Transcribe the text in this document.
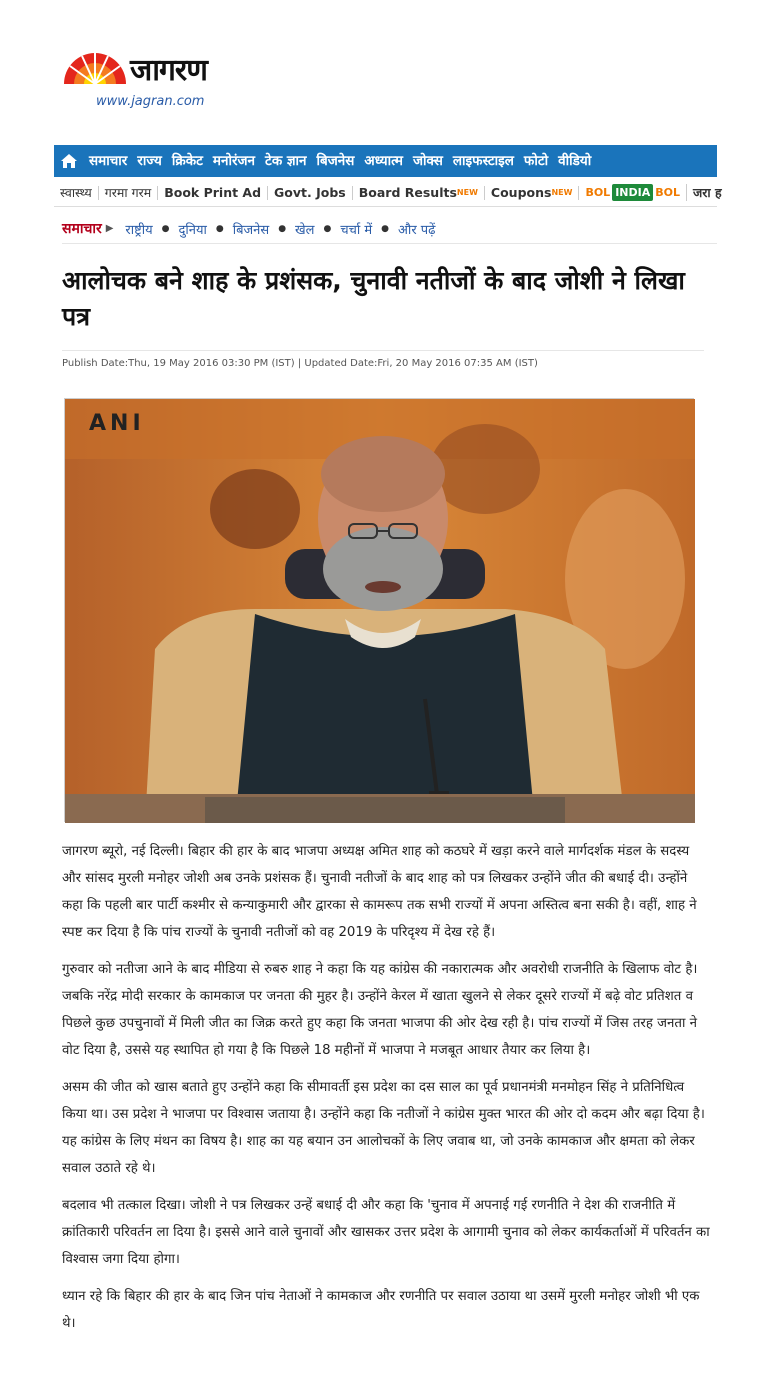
जागरण
www.jagran.com
समाचार राज्य क्रिकेट मनोरंजन टेक ज्ञान बिजनेस अध्यात्म जोक्स लाइफस्टाइल फोटो वीडियो
स्वास्थ्य	गरमा गरम	Book Print Ad	Govt. Jobs	Board Results$^{NEW}$	Coupons$^{NEW}$	BOL INDIA BOL	जरा ह
समाचार ▶ राष्ट्रीय ● दुनिया ● बिजनेस ● खेल ● चर्चा में ● और पढ़ें
आलोचक बने शाह के प्रशंसक, चुनावी नतीजों के बाद जोशी ने लिखा पत्र
Publish Date:Thu, 19 May 2016 03:30 PM (IST) | Updated Date:Fri, 20 May 2016 07:35 AM (IST)
ANI

जागरण ब्यूरो, नई दिल्ली। बिहार की हार के बाद भाजपा अध्यक्ष अमित शाह को कठघरे में खड़ा करने वाले मार्गदर्शक मंडल के सदस्य और सांसद मुरली मनोहर जोशी अब उनके प्रशंसक हैं। चुनावी नतीजों के बाद शाह को पत्र लिखकर उन्होंने जीत की बधाई दी। उन्होंने कहा कि पहली बार पार्टी कश्मीर से कन्याकुमारी और द्वारका से कामरूप तक सभी राज्यों में अपना अस्तित्व बना सकी है। वहीं, शाह ने स्पष्ट कर दिया है कि पांच राज्यों के चुनावी नतीजों को वह 2019 के परिदृश्य में देख रहे हैं।

गुरुवार को नतीजा आने के बाद मीडिया से रुबरु शाह ने कहा कि यह कांग्रेस की नकारात्मक और अवरोधी राजनीति के खिलाफ वोट है। जबकि नरेंद्र मोदी सरकार के कामकाज पर जनता की मुहर है। उन्होंने केरल में खाता खुलने से लेकर दूसरे राज्यों में बढ़े वोट प्रतिशत व पिछले कुछ उपचुनावों में मिली जीत का जिक्र करते हुए कहा कि जनता भाजपा की ओर देख रही है। पांच राज्यों में जिस तरह जनता ने वोट दिया है, उससे यह स्थापित हो गया है कि पिछले 18 महीनों में भाजपा ने मजबूत आधार तैयार कर लिया है।

असम की जीत को खास बताते हुए उन्होंने कहा कि सीमावर्ती इस प्रदेश का दस साल का पूर्व प्रधानमंत्री मनमोहन सिंह ने प्रतिनिधित्व किया था। उस प्रदेश ने भाजपा पर विश्वास जताया है। उन्होंने कहा कि नतीजों ने कांग्रेस मुक्त भारत की ओर दो कदम और बढ़ा दिया है। यह कांग्रेस के लिए मंथन का विषय है। शाह का यह बयान उन आलोचकों के लिए जवाब था, जो उनके कामकाज और क्षमता को लेकर सवाल उठाते रहे थे।

बदलाव भी तत्काल दिखा। जोशी ने पत्र लिखकर उन्हें बधाई दी और कहा कि 'चुनाव में अपनाई गई रणनीति ने देश की राजनीति में क्रांतिकारी परिवर्तन ला दिया है। इससे आने वाले चुनावों और खासकर उत्तर प्रदेश के आगामी चुनाव को लेकर कार्यकर्ताओं में परिवर्तन का विश्वास जगा दिया होगा।

ध्यान रहे कि बिहार की हार के बाद जिन पांच नेताओं ने कामकाज और रणनीति पर सवाल उठाया था उसमें मुरली मनोहर जोशी भी एक थे।
